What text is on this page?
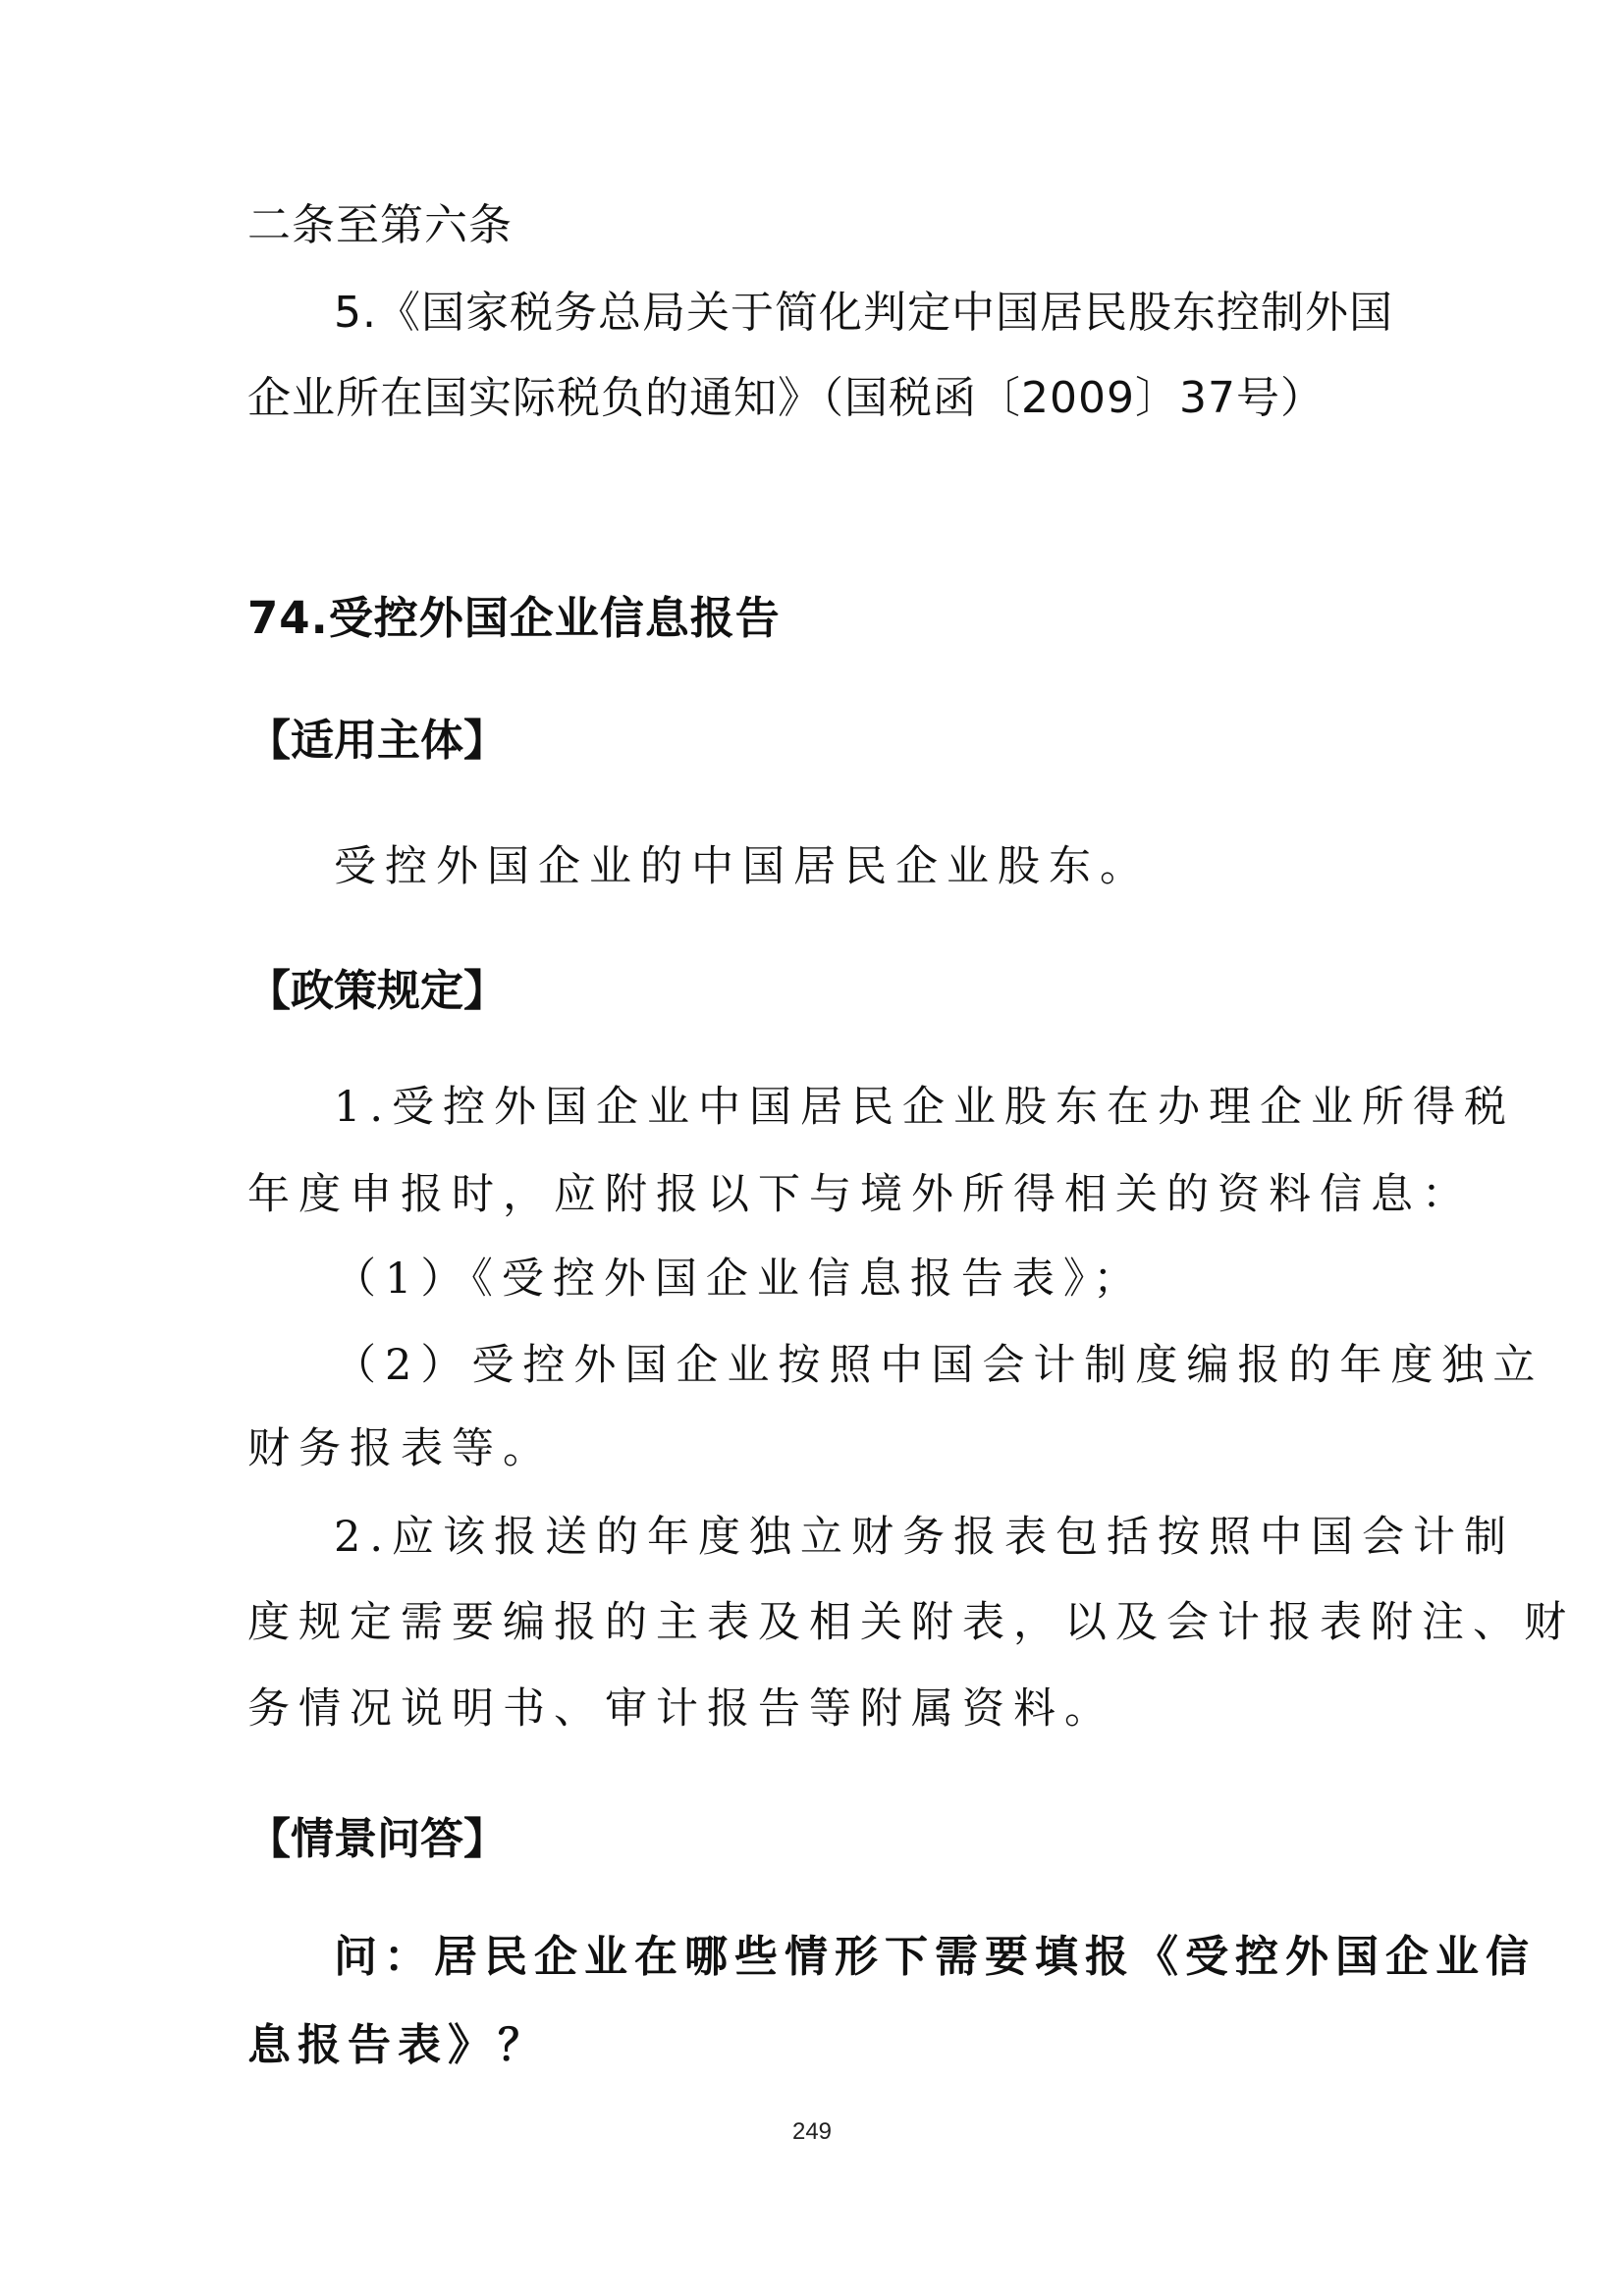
二条至第六条
5.《国家税务总局关于简化判定中国居民股东控制外国
企业所在国实际税负的通知》（国税函〔2009〕37号）
74.受控外国企业信息报告
【适用主体】
受控外国企业的中国居民企业股东。
【政策规定】
1.受控外国企业中国居民企业股东在办理企业所得税
年度申报时，应附报以下与境外所得相关的资料信息：
（1）《受控外国企业信息报告表》；
（2）受控外国企业按照中国会计制度编报的年度独立
财务报表等。
2.应该报送的年度独立财务报表包括按照中国会计制
度规定需要编报的主表及相关附表，以及会计报表附注、财
务情况说明书、审计报告等附属资料。
【情景问答】
问：居民企业在哪些情形下需要填报《受控外国企业信
息报告表》？
249
